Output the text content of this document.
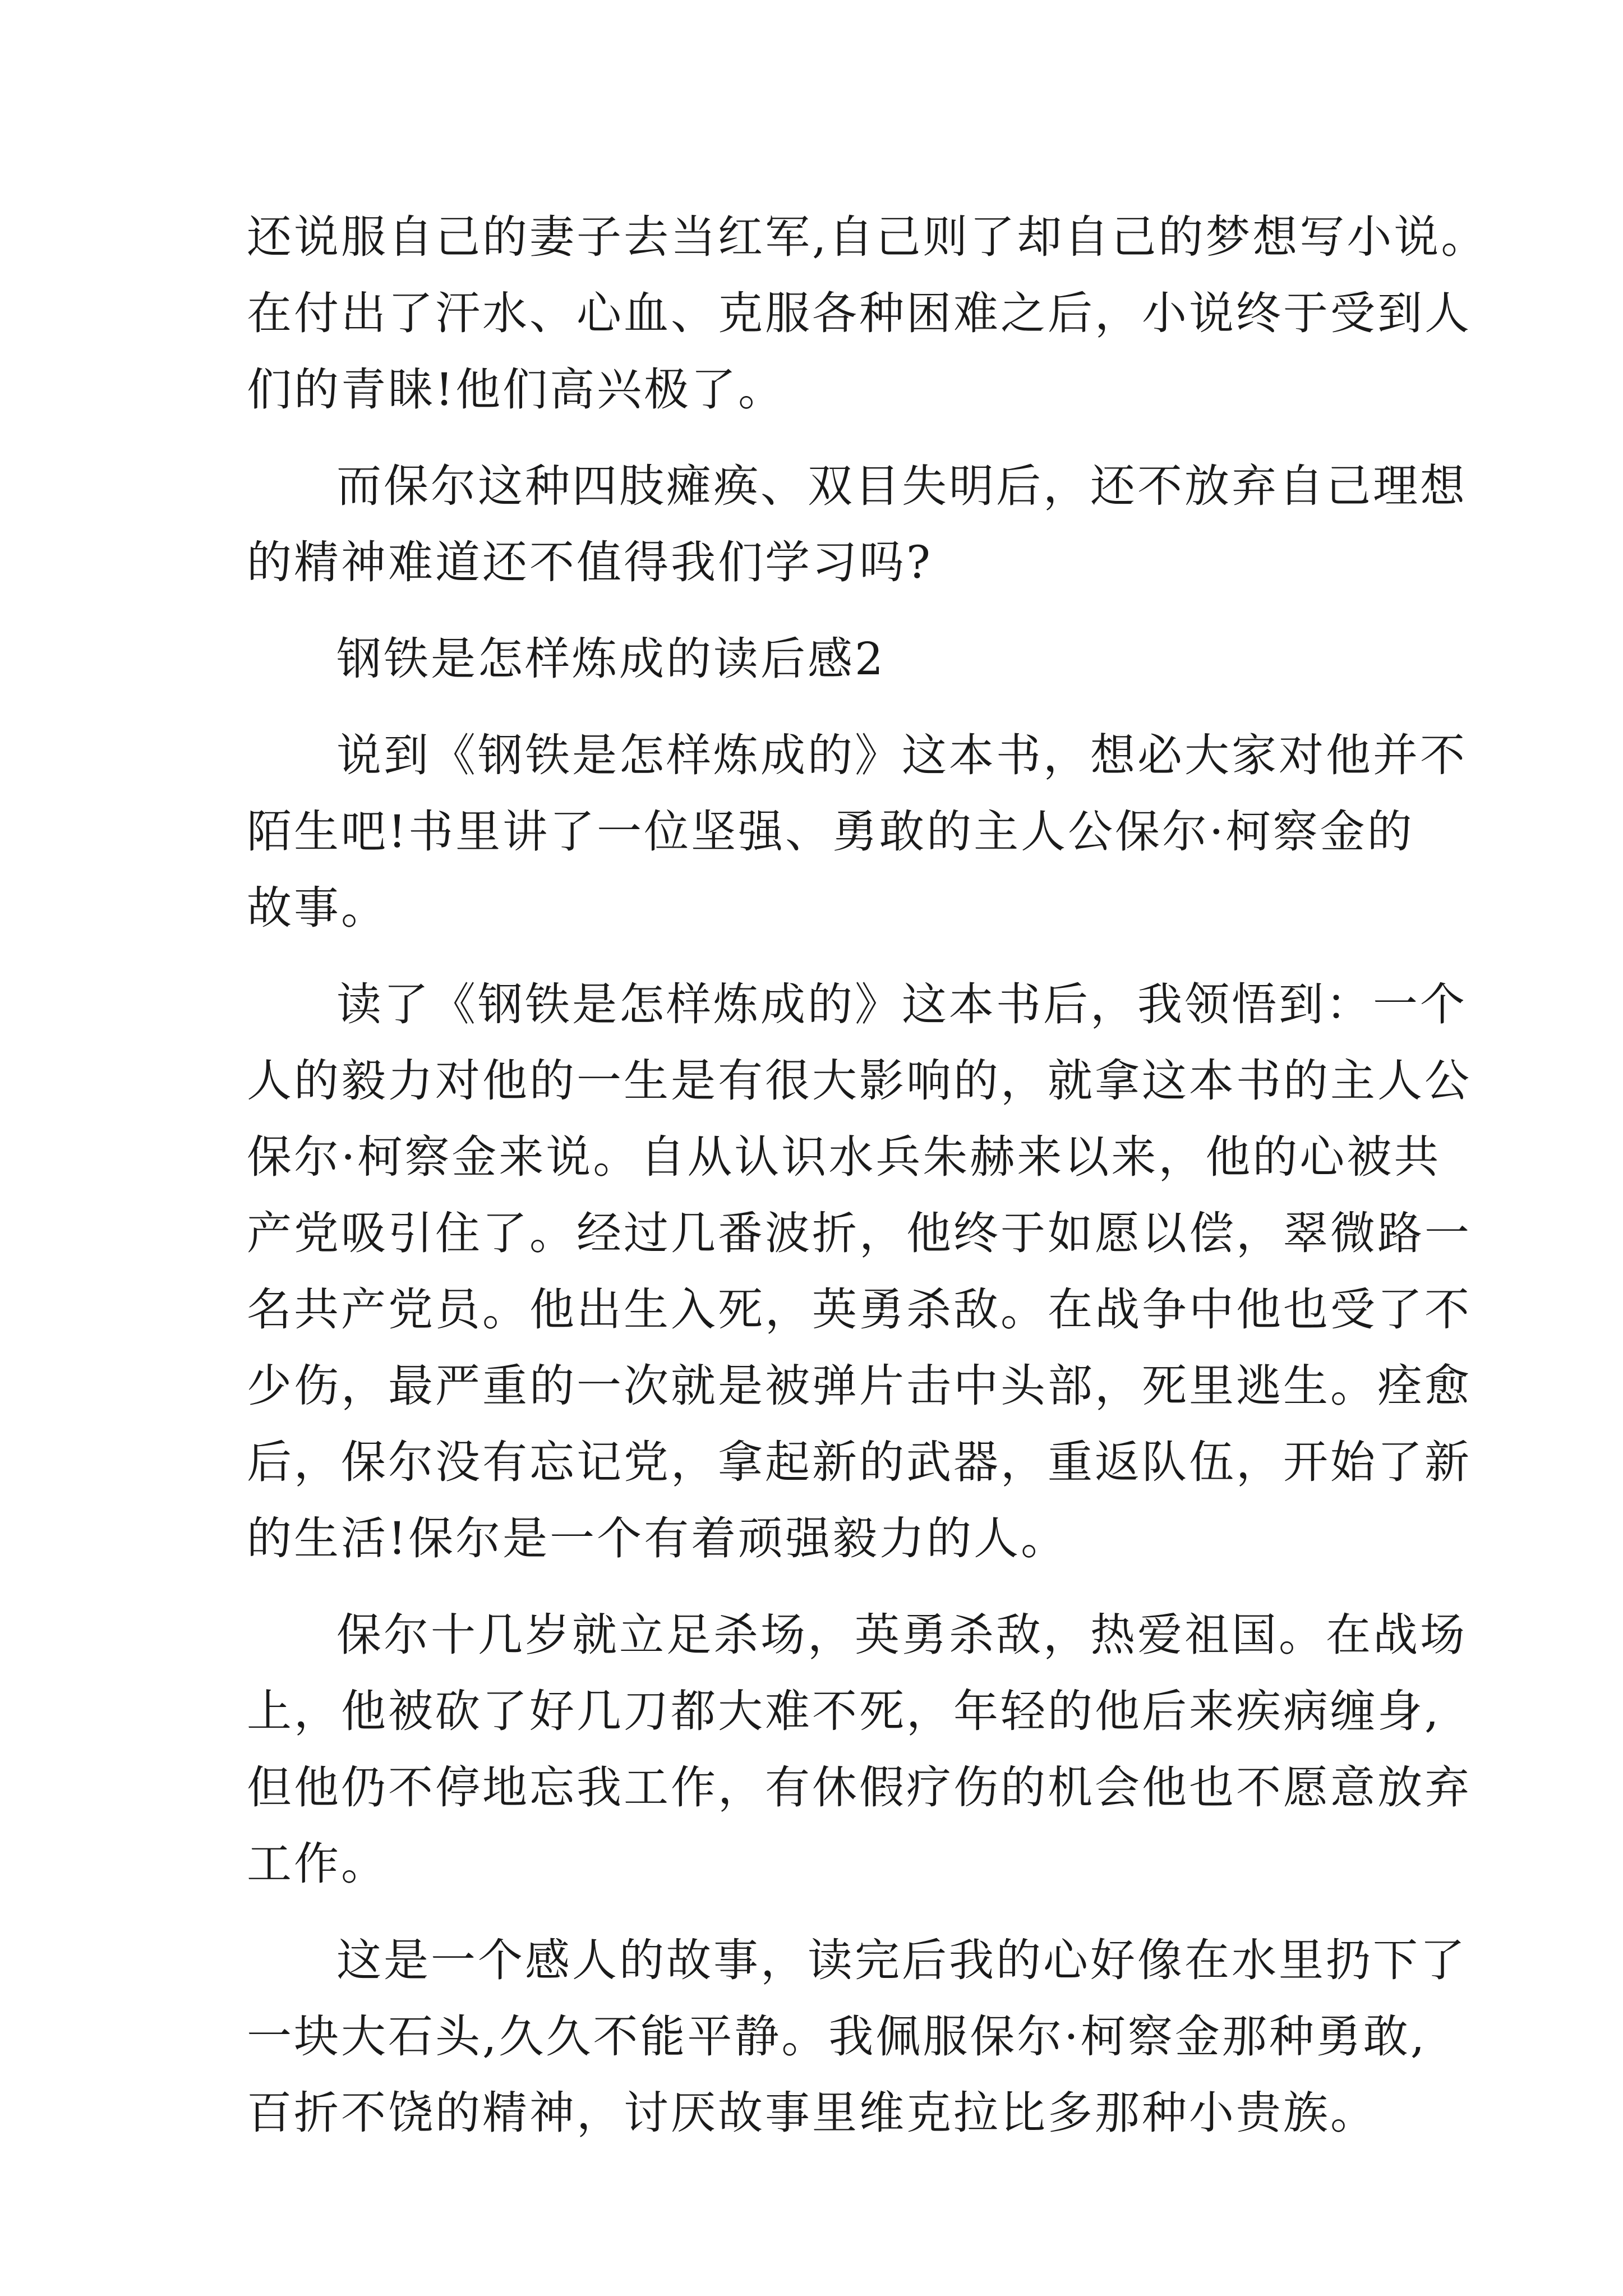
还说服自己的妻子去当红军,自己则了却自己的梦想写小说。
在付出了汗水、心血、克服各种困难之后，小说终于受到人
们的青睐!他们高兴极了。

而保尔这种四肢瘫痪、双目失明后，还不放弃自己理想
的精神难道还不值得我们学习吗?

钢铁是怎样炼成的读后感2

说到《钢铁是怎样炼成的》这本书，想必大家对他并不
陌生吧!书里讲了一位坚强、勇敢的主人公保尔·柯察金的
故事。

读了《钢铁是怎样炼成的》这本书后，我领悟到：一个
人的毅力对他的一生是有很大影响的，就拿这本书的主人公
保尔·柯察金来说。自从认识水兵朱赫来以来，他的心被共
产党吸引住了。经过几番波折，他终于如愿以偿，翠微路一
名共产党员。他出生入死，英勇杀敌。在战争中他也受了不
少伤，最严重的一次就是被弹片击中头部，死里逃生。痊愈
后，保尔没有忘记党，拿起新的武器，重返队伍，开始了新
的生活!保尔是一个有着顽强毅力的人。

保尔十几岁就立足杀场，英勇杀敌，热爱祖国。在战场
上，他被砍了好几刀都大难不死，年轻的他后来疾病缠身,
但他仍不停地忘我工作，有休假疗伤的机会他也不愿意放弃
工作。

这是一个感人的故事，读完后我的心好像在水里扔下了
一块大石头,久久不能平静。我佩服保尔·柯察金那种勇敢,
百折不饶的精神，讨厌故事里维克拉比多那种小贵族。
